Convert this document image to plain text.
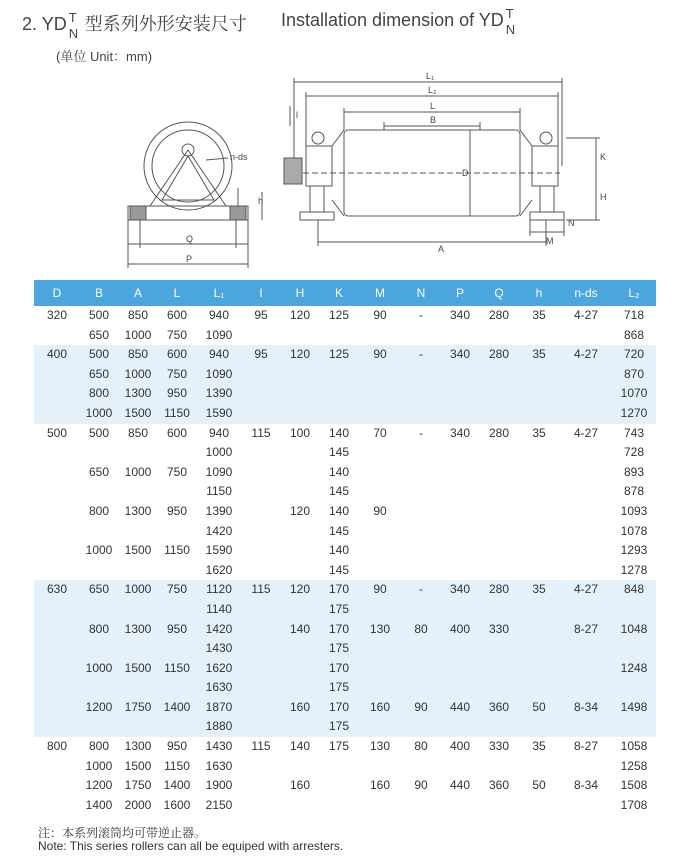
2. YD T
N 型系列外形安装尺寸 Installation dimension of YD T
N
(单位 Unit：mm)
L₁
L₂
L
B
l
n-ds
D
h
Q
P
A
K
H
N
M
D	B	A	L	L₁	l	H	K	M	N	P	Q	h	n-ds	L₂
320	500	850	600	940	95	120	125	90	-	340	280	35	4-27	718
	650	1000	750	1090										868
400	500	850	600	940	95	120	125	90	-	340	280	35	4-27	720
	650	1000	750	1090										870
	800	1300	950	1390										1070
	1000	1500	1150	1590										1270
500	500	850	600	940	115	100	140	70	-	340	280	35	4-27	743
				1000			145							728
	650	1000	750	1090			140							893
				1150			145							878
	800	1300	950	1390		120	140	90						1093
				1420			145							1078
	1000	1500	1150	1590			140							1293
				1620			145							1278
630	650	1000	750	1120	115	120	170	90	-	340	280	35	4-27	848
				1140			175							
	800	1300	950	1420		140	170	130	80	400	330		8-27	1048
				1430			175							
	1000	1500	1150	1620			170							1248
				1630			175							
	1200	1750	1400	1870		160	170	160	90	440	360	50	8-34	1498
				1880			175							
800	800	1300	950	1430	115	140	175	130	80	400	330	35	8-27	1058
	1000	1500	1150	1630										1258
	1200	1750	1400	1900		160		160	90	440	360	50	8-34	1508
	1400	2000	1600	2150										1708
注：本系列滚筒均可带逆止器。
Note: This series rollers can all be equiped with arresters.
